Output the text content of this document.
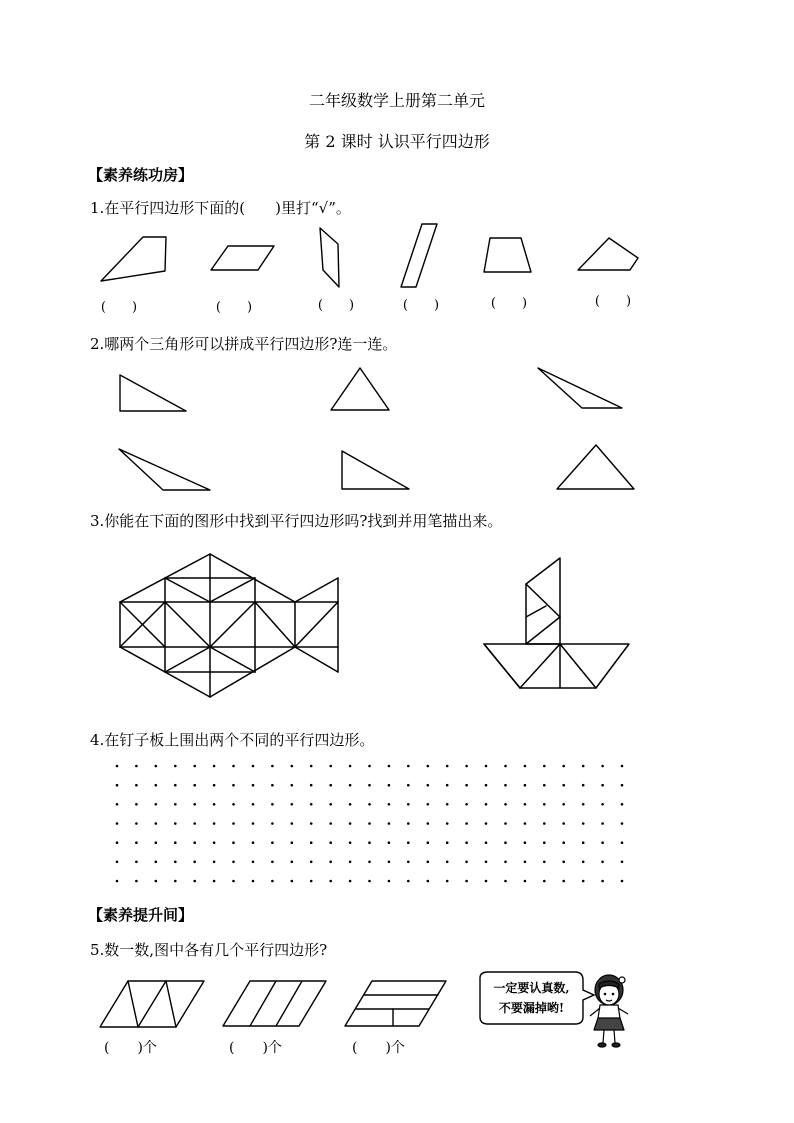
二年级数学上册第二单元
第 2 课时 认识平行四边形
【素养练功房】
1.在平行四边形下面的(　　)里打“√”。
(　　)	(　　)	(　　)	(　　)	(　　)	(　　)
2.哪两个三角形可以拼成平行四边形?连一连。
3.你能在下面的图形中找到平行四边形吗?找到并用笔描出来。
4.在钉子板上围出两个不同的平行四边形。
【素养提升间】
5.数一数,图中各有几个平行四边形?
(　　)个	(　　)个	(　　)个
一定要认真数,
不要漏掉哟!
